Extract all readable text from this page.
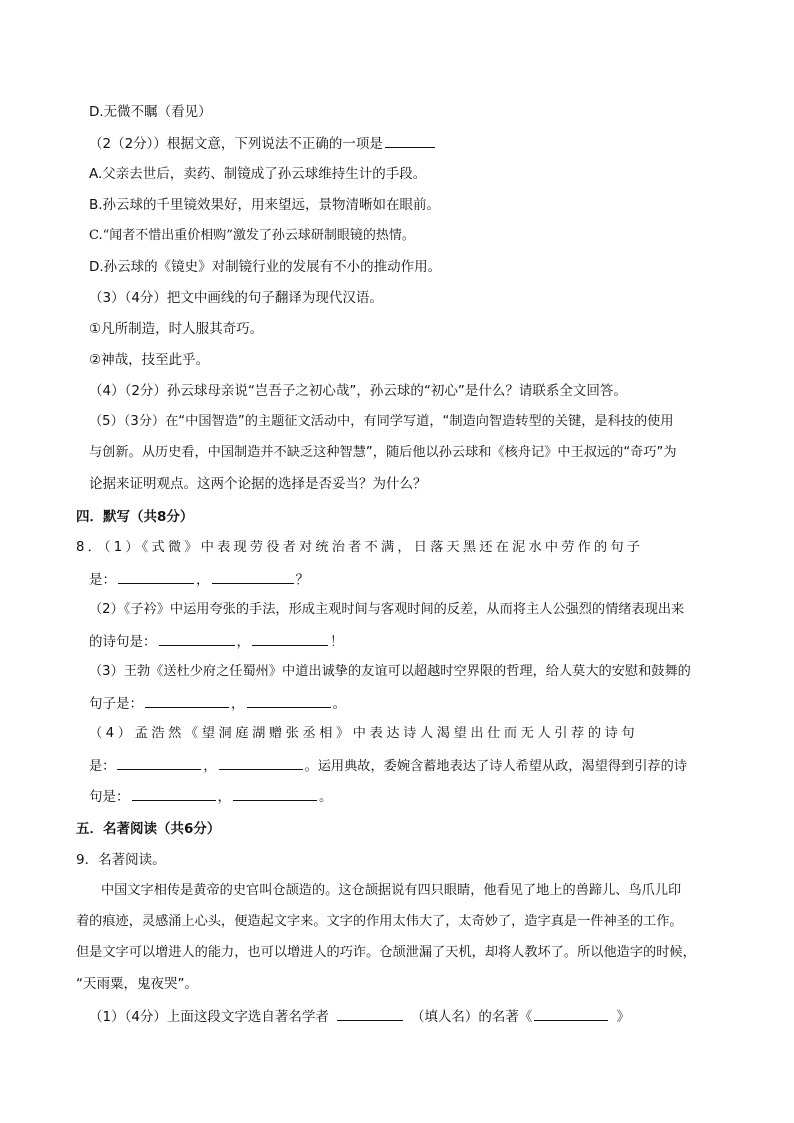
D.无微不瞩（看见）
（2（2分））根据文意，下列说法不正确的一项是
A.父亲去世后，卖药、制镜成了孙云球维持生计的手段。
B.孙云球的千里镜效果好，用来望远，景物清晰如在眼前。
C.“闻者不惜出重价相购”激发了孙云球研制眼镜的热情。
D.孙云球的《镜史》对制镜行业的发展有不小的推动作用。
（3）（4分）把文中画线的句子翻译为现代汉语。
①凡所制造，时人服其奇巧。
②神哉，技至此乎。
（4）（2分）孙云球母亲说“岂吾子之初心哉”，孙云球的“初心”是什么？请联系全文回答。
（5）（3分）在“中国智造”的主题征文活动中，有同学写道，“制造向智造转型的关键，是科技的使用
与创新。从历史看，中国制造并不缺乏这种智慧”，随后他以孙云球和《核舟记》中王叔远的“奇巧”为
论据来证明观点。这两个论据的选择是否妥当？为什么？
四．默写（共8分）
8．（1）《式微》中表现劳役者对统治者不满，日落天黑还在泥水中劳作的句子
是：	，	？
（2）《子衿》中运用夸张的手法，形成主观时间与客观时间的反差，从而将主人公强烈的情绪表现出来
的诗句是：	，	！
（3）王勃《送杜少府之任蜀州》中道出诚挚的友谊可以超越时空界限的哲理，给人莫大的安慰和鼓舞的
句子是：	，	。
（4）孟浩然《望洞庭湖赠张丞相》中表达诗人渴望出仕而无人引荐的诗句
是：	，	。运用典故，委婉含蓄地表达了诗人希望从政，渴望得到引荐的诗
句是：	，	。
五．名著阅读（共6分）
9．名著阅读。
中国文字相传是黄帝的史官叫仓颉造的。这仓颉据说有四只眼睛，他看见了地上的兽蹄儿、鸟爪儿印
着的痕迹，灵感涌上心头，便造起文字来。文字的作用太伟大了，太奇妙了，造字真是一件神圣的工作。
但是文字可以增进人的能力，也可以增进人的巧诈。仓颉泄漏了天机，却将人教坏了。所以他造字的时候，
“天雨粟，鬼夜哭”。
（1）（4分）上面这段文字选自著名学者	（填人名）的名著《	》
